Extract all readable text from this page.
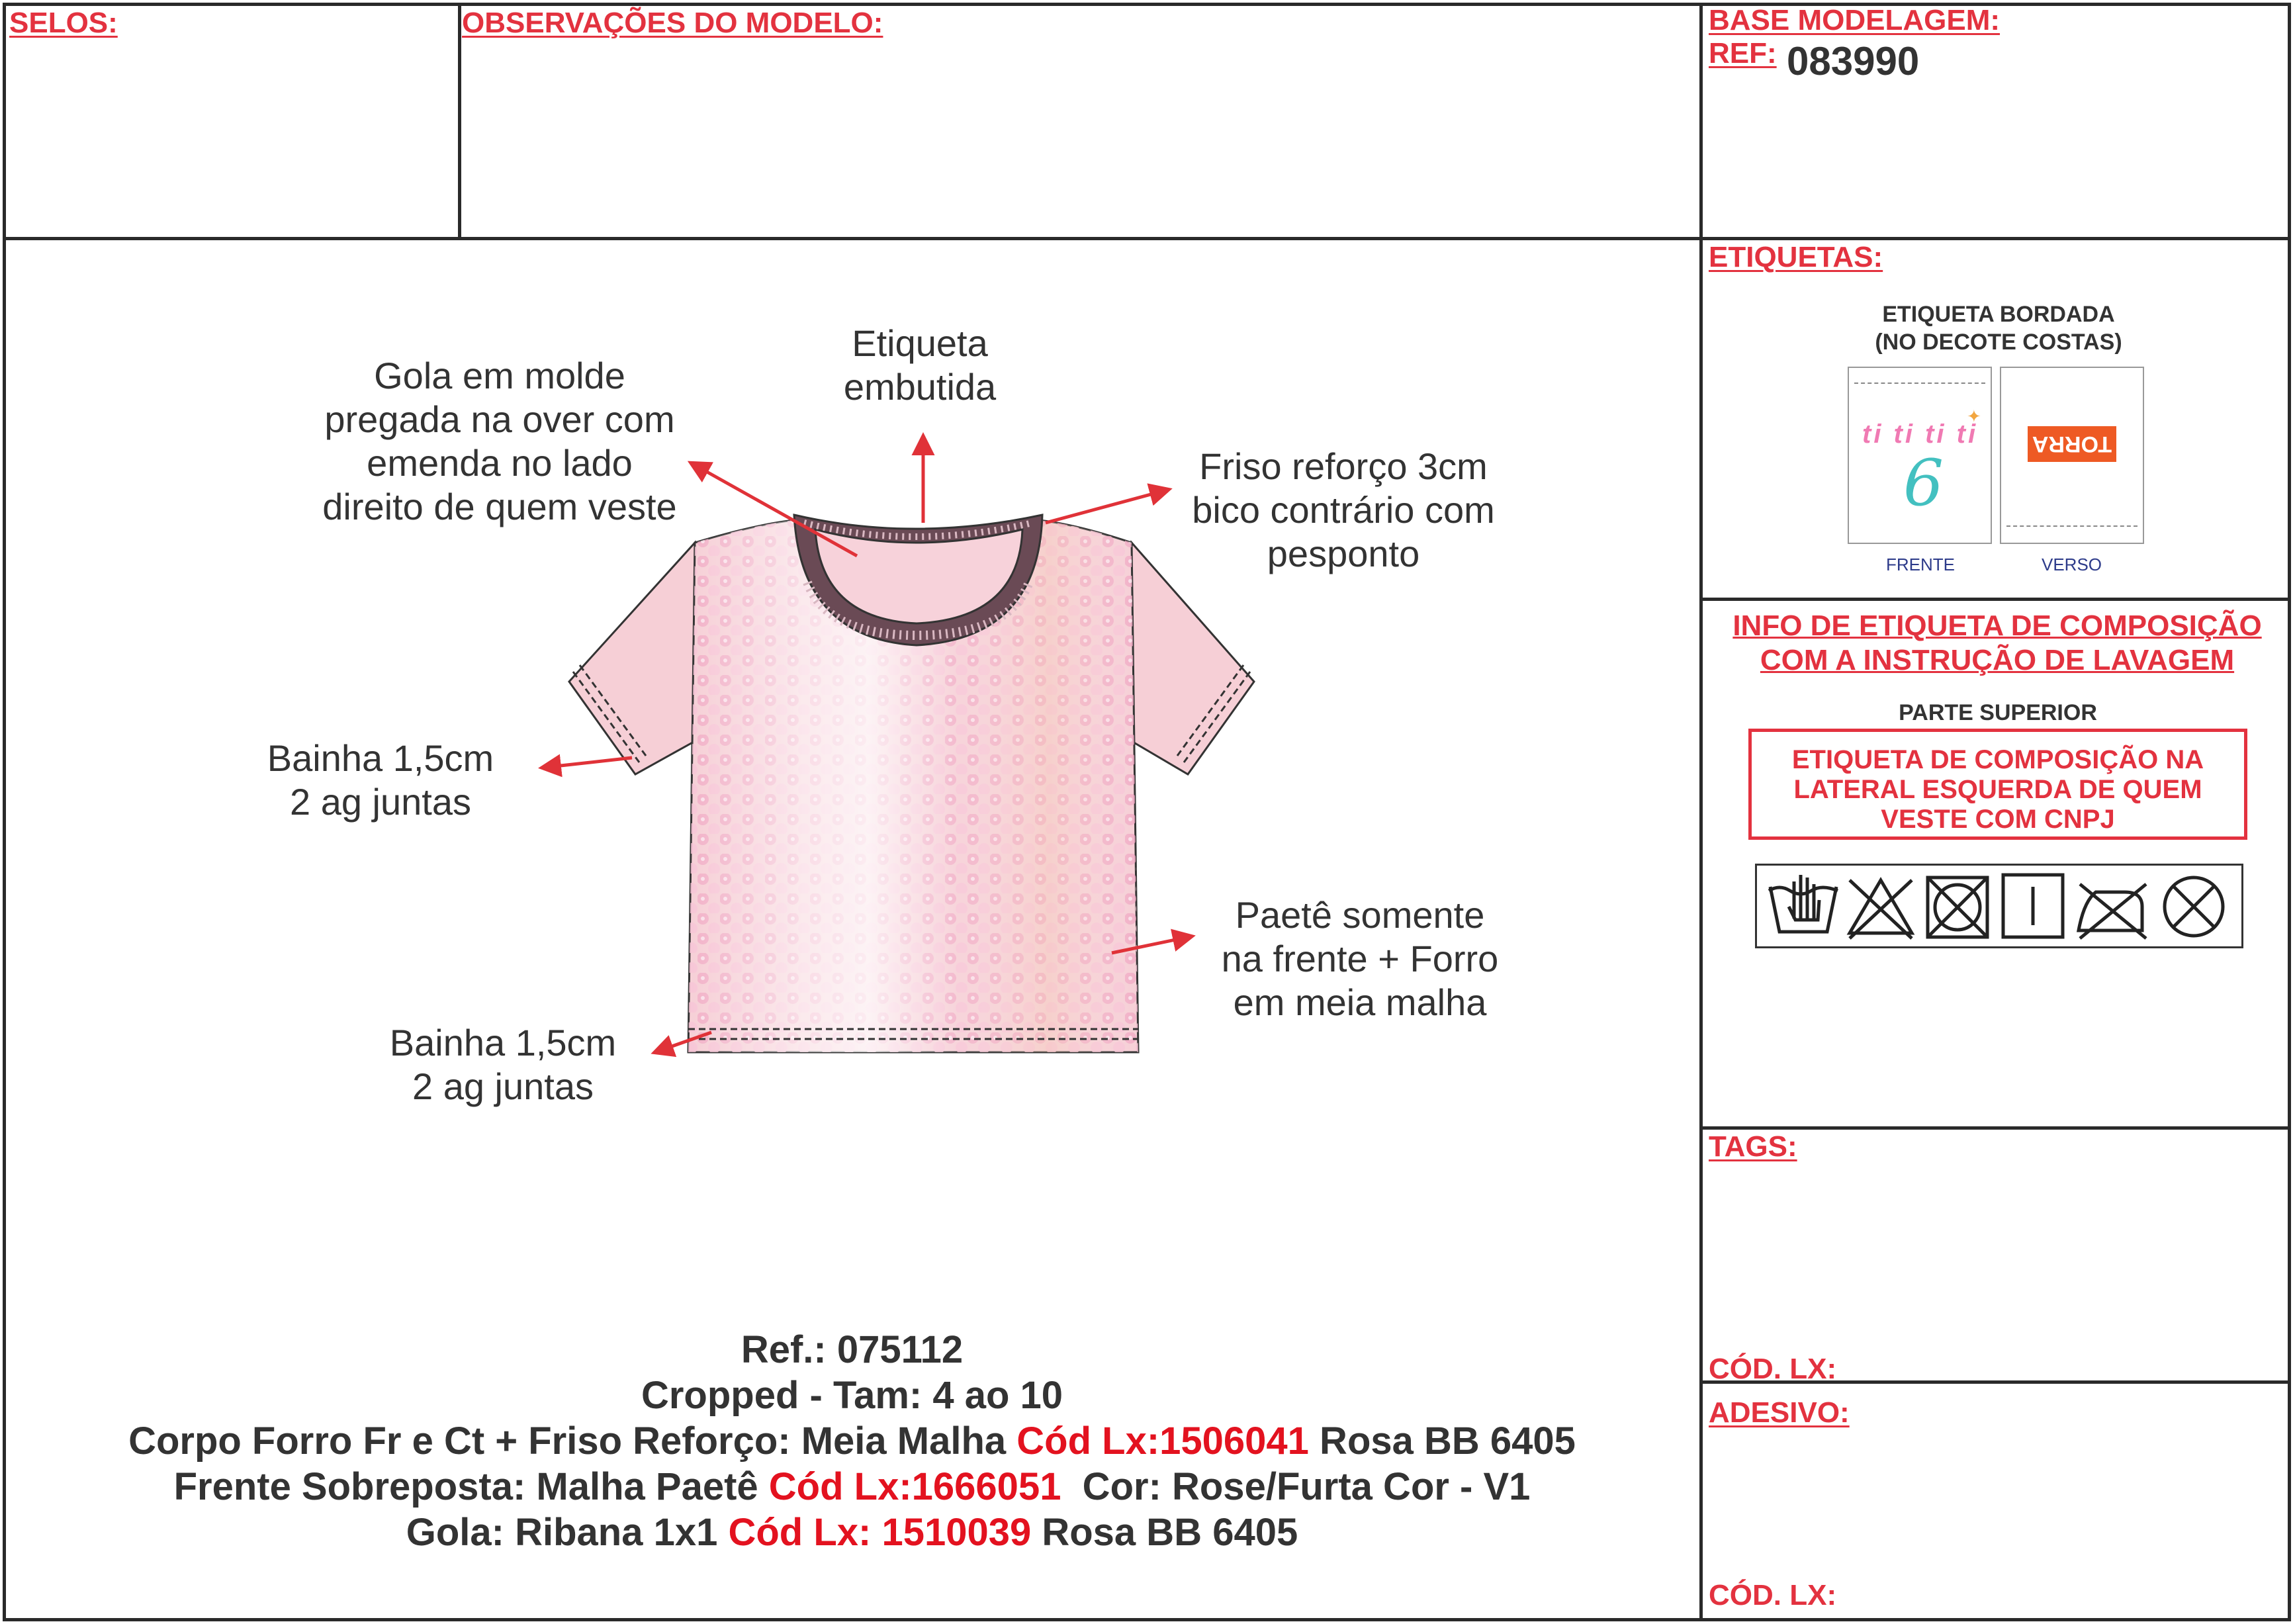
SELOS:	OBSERVAÇÕES DO MODELO:	BASE MODELAGEM:
REF: 083990
Gola em molde
pregada na over com
emenda no lado
direito de quem veste
Etiqueta
embutida
Friso reforço 3cm
bico contrário com
pesponto
Bainha 1,5cm
2 ag juntas
Paetê somente
na frente + Forro
em meia malha
Bainha 1,5cm
2 ag juntas
Ref.: 075112
Cropped - Tam: 4 ao 10
Corpo Forro Fr e Ct + Friso Reforço: Meia Malha Cód Lx:1506041 Rosa BB 6405
Frente Sobreposta: Malha Paetê Cód Lx:1666051  Cor: Rose/Furta Cor - V1
Gola: Ribana 1x1 Cód Lx: 1510039 Rosa BB 6405
ETIQUETAS:
ETIQUETA BORDADA
(NO DECOTE COSTAS)
ti ti ti ti
6
✦
TORRA
FRENTE	VERSO
INFO DE ETIQUETA DE COMPOSIÇÃO
COM A INSTRUÇÃO DE LAVAGEM
PARTE SUPERIOR
ETIQUETA DE COMPOSIÇÃO NA
LATERAL ESQUERDA DE QUEM
VESTE COM CNPJ
TAGS:
CÓD. LX:
ADESIVO:
CÓD. LX:
